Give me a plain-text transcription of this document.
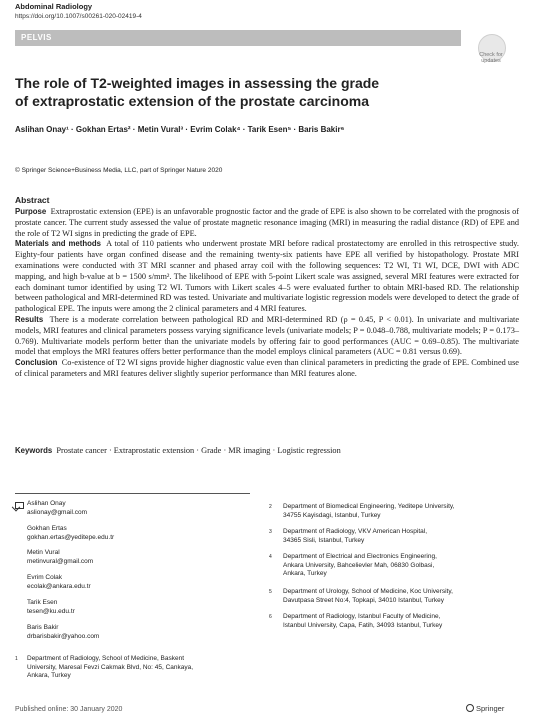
Abdominal Radiology
https://doi.org/10.1007/s00261-020-02419-4
PELVIS
Check for updates
The role of T2-weighted images in assessing the grade
of extraprostatic extension of the prostate carcinoma
Aslihan Onay¹ · Gokhan Ertas² · Metin Vural³ · Evrim Colak⁴ · Tarik Esen⁵ · Baris Bakir⁶
© Springer Science+Business Media, LLC, part of Springer Nature 2020
Abstract

Purpose Extraprostatic extension (EPE) is an unfavorable prognostic factor and the grade of EPE is also shown to be correlated with the prognosis of prostate cancer. The current study assessed the value of prostate magnetic resonance imaging (MRI) in measuring the radial distance (RD) of EPE and the role of T2 WI signs in predicting the grade of EPE.

Materials and methods A total of 110 patients who underwent prostate MRI before radical prostatectomy are enrolled in this retrospective study. Eighty-four patients have organ confined disease and the remaining twenty-six patients have EPE all verified by histopathology. Prostate MRI examinations were conducted with 3T MRI scanner and phased array coil with the following sequences: T2 WI, T1 WI, DCE, DWI with ADC mapping, and high b-value at b = 1500 s/mm². The likelihood of EPE with 5-point Likert scale was assigned, several MRI features were extracted for each dominant tumor identified by using T2 WI. Tumors with Likert scales 4–5 were evaluated further to obtain MRI-based RD. The relationship between pathological and MRI-determined RD was tested. Univariate and multivariate logistic regression models were developed to detect the grade of pathological EPE. The inputs were among the 2 clinical parameters and 4 MRI features.

Results There is a moderate correlation between pathological RD and MRI-determined RD (ρ = 0.45, P < 0.01). In univariate and multivariate models, MRI features and clinical parameters possess varying significance levels (univariate models; P = 0.048–0.788, multivariate models; P = 0.173–0.769). Multivariate models perform better than the univariate models by offering fair to good performances (AUC = 0.69–0.85). The multivariate model that employs the MRI features offers better performance than the model employs clinical parameters (AUC = 0.81 versus 0.69).

Conclusion Co-existence of T2 WI signs provide higher diagnostic value even than clinical parameters in predicting the grade of EPE. Combined use of clinical parameters and MRI features deliver slightly superior performance than MRI features alone.

Keywords Prostate cancer · Extraprostatic extension · Grade · MR imaging · Logistic regression
Aslihan Onay
aslionay@gmail.com
Gokhan Ertas
gokhan.ertas@yeditepe.edu.tr
Metin Vural
metinvural@gmail.com
Evrim Colak
ecolak@ankara.edu.tr
Tarik Esen
tesen@ku.edu.tr
Baris Bakir
drbarisbakir@yahoo.com
1 Department of Radiology, School of Medicine, Baskent
University, Maresal Fevzi Cakmak Blvd, No: 45, Cankaya,
Ankara, Turkey
2 Department of Biomedical Engineering, Yeditepe University,
34755 Kayisdagi, Istanbul, Turkey
3 Department of Radiology, VKV American Hospital,
34365 Sisli, Istanbul, Turkey
4 Department of Electrical and Electronics Engineering,
Ankara University, Bahcelievler Mah, 06830 Golbasi,
Ankara, Turkey
5 Department of Urology, School of Medicine, Koc University,
Davutpasa Street No:4, Topkapi, 34010 Istanbul, Turkey
6 Department of Radiology, Istanbul Faculty of Medicine,
Istanbul University, Capa, Fatih, 34093 Istanbul, Turkey
Published online: 30 January 2020	Springer
